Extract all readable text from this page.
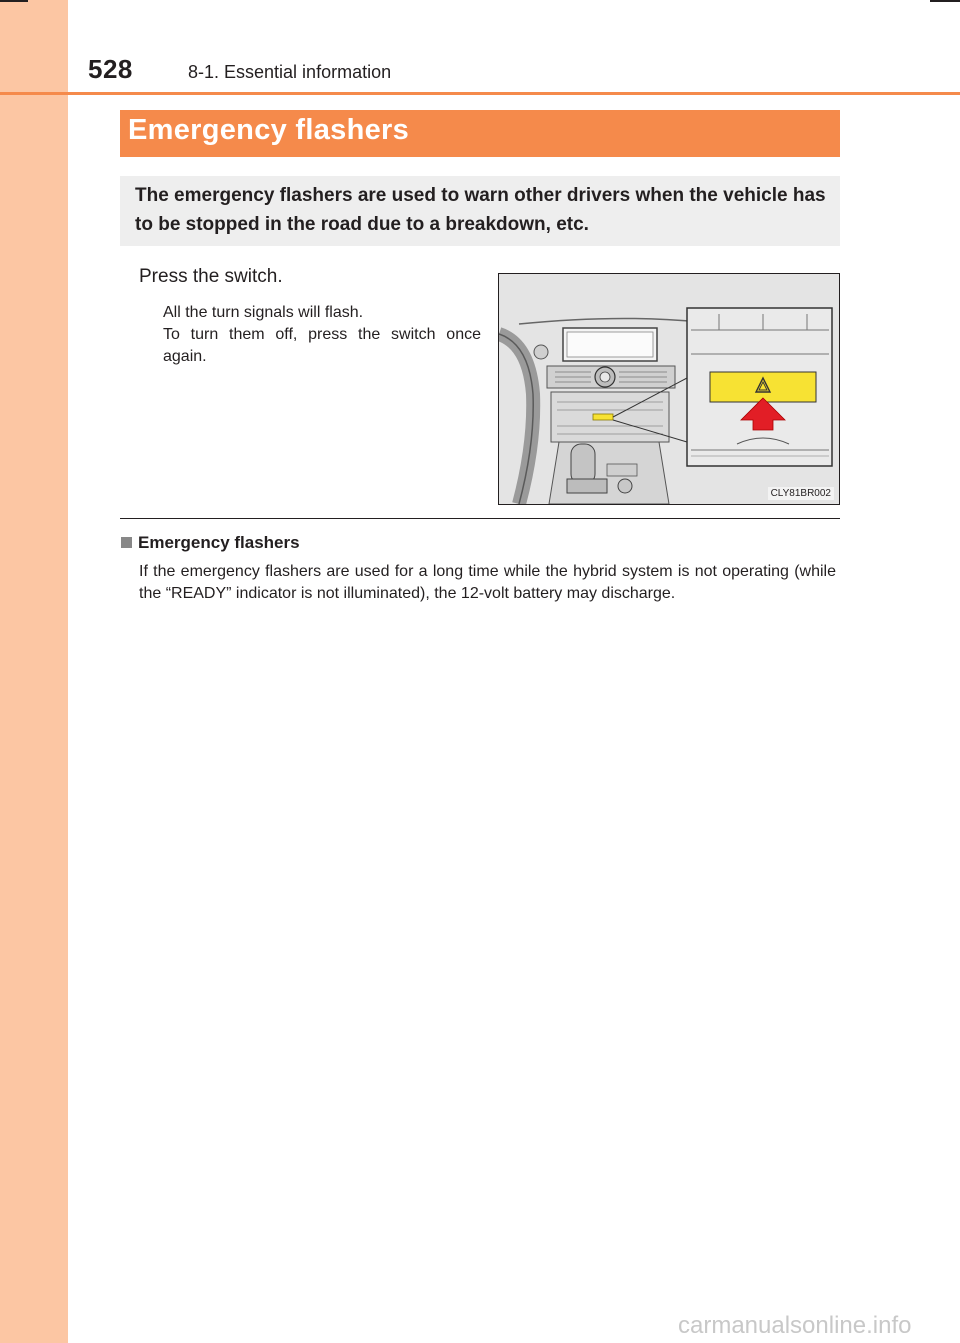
528	8-1. Essential information
Emergency flashers
The emergency flashers are used to warn other drivers when the vehicle has to be stopped in the road due to a breakdown, etc.
Press the switch.
All the turn signals will flash.
To turn them off, press the switch once again.
CLY81BR002
Emergency flashers
If the emergency flashers are used for a long time while the hybrid system is not operating (while the “READY” indicator is not illuminated), the 12-volt battery may discharge.
carmanualsonline.info
